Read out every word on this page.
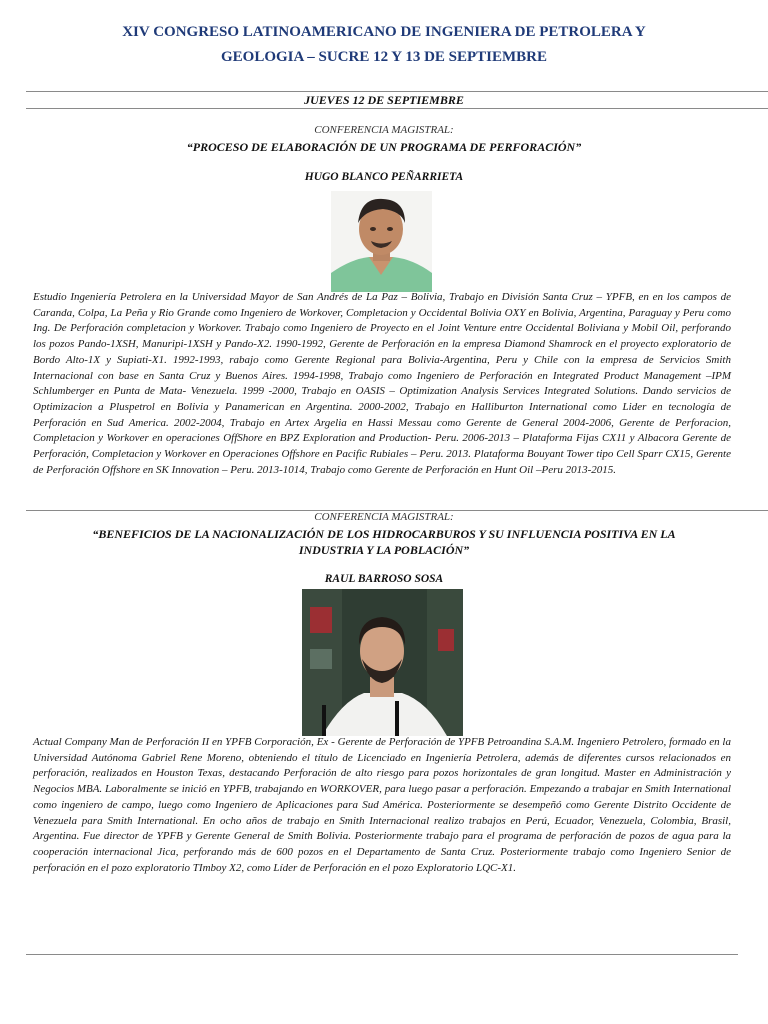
XIV CONGRESO LATINOAMERICANO DE INGENIERA DE PETROLERA Y
GEOLOGIA – SUCRE 12 Y 13 DE SEPTIEMBRE
JUEVES 12 DE SEPTIEMBRE
CONFERENCIA MAGISTRAL:
“PROCESO DE ELABORACIÓN DE UN PROGRAMA DE PERFORACIÓN”
HUGO BLANCO PEÑARRIETA
Estudio Ingeniería Petrolera en la Universidad Mayor de San Andrés de La Paz – Bolivia, Trabajo en División Santa Cruz – YPFB, en en los campos de Caranda, Colpa, La Peña y Rio Grande como Ingeniero de Workover, Completacion y Occidental Bolivia OXY en Bolivia, Argentina, Paraguay y Peru como Ing. De Perforación completacion y Workover. Trabajo como Ingeniero de Proyecto en el Joint Venture entre Occidental Boliviana y Mobil Oil, perforando los pozos Pando-1XSH, Manuripi-1XSH y Pando-X2. 1990-1992, Gerente de Perforación en la empresa Diamond Shamrock en el proyecto exploratorio de Bordo Alto-1X y Supiati-X1. 1992-1993, rabajo como Gerente Regional para Bolivia-Argentina, Peru y Chile con la empresa de Servicios Smith Internacional con base en Santa Cruz y Buenos Aires. 1994-1998, Trabajo como Ingeniero de Perforación en Integrated Product Management –IPM Schlumberger en Punta de Mata- Venezuela. 1999 -2000, Trabajo en OASIS – Optimization Analysis Services Integrated Solutions. Dando servicios de Optimizacion a Pluspetrol en Bolivia y Panamerican en Argentina. 2000-2002, Trabajo en Halliburton International como Lider en tecnología de Perforación en Sud America. 2002-2004, Trabajo en Artex Argelia en Hassi Messau como Gerente de General 2004-2006, Gerente de Perforacion, Completacion y Workover en operaciones OffShore en BPZ Exploration and Production- Peru. 2006-2013 – Plataforma Fijas CX11 y Albacora Gerente de Perforación, Completacion y Workover en Operaciones Offshore en Pacific Rubiales – Peru. 2013. Plataforma Bouyant Tower tipo Cell Sparr CX15, Gerente de Perforación Offshore en SK Innovation – Peru. 2013-1014, Trabajo como Gerente de Perforación en Hunt Oil –Peru 2013-2015.
CONFERENCIA MAGISTRAL:
“BENEFICIOS DE LA NACIONALIZACIÓN DE LOS HIDROCARBUROS Y SU INFLUENCIA POSITIVA EN LA INDUSTRIA Y LA POBLACIÓN”
RAUL BARROSO SOSA
Actual Company Man de Perforación II en YPFB Corporación, Ex - Gerente de Perforación de YPFB Petroandina S.A.M. Ingeniero Petrolero, formado en la Universidad Autónoma Gabriel Rene Moreno, obteniendo el título de Licenciado en Ingeniería Petrolera, además de diferentes cursos relacionados en perforación, realizados en Houston Texas, destacando Perforación de alto riesgo para pozos horizontales de gran longitud. Master en Administración y Negocios MBA. Laboralmente se inició en YPFB, trabajando en WORKOVER, para luego pasar a perforación. Empezando a trabajar en Smith International como ingeniero de campo, luego como Ingeniero de Aplicaciones para Sud América. Posteriormente se desempeñó como Gerente Distrito Occidente de Venezuela para Smith International. En ocho años de trabajo en Smith Internacional realizo trabajos en Perú, Ecuador, Venezuela, Colombia, Brasil, Argentina. Fue director de YPFB y Gerente General de Smith Bolivia. Posteriormente trabajo para el programa de perforación de pozos de agua para la cooperación internacional Jica, perforando más de 600 pozos en el Departamento de Santa Cruz. Posteriormente trabajo como Ingeniero Senior de perforación en el pozo exploratorio TImboy X2, como Líder de Perforación en el pozo Exploratorio LQC-X1.
